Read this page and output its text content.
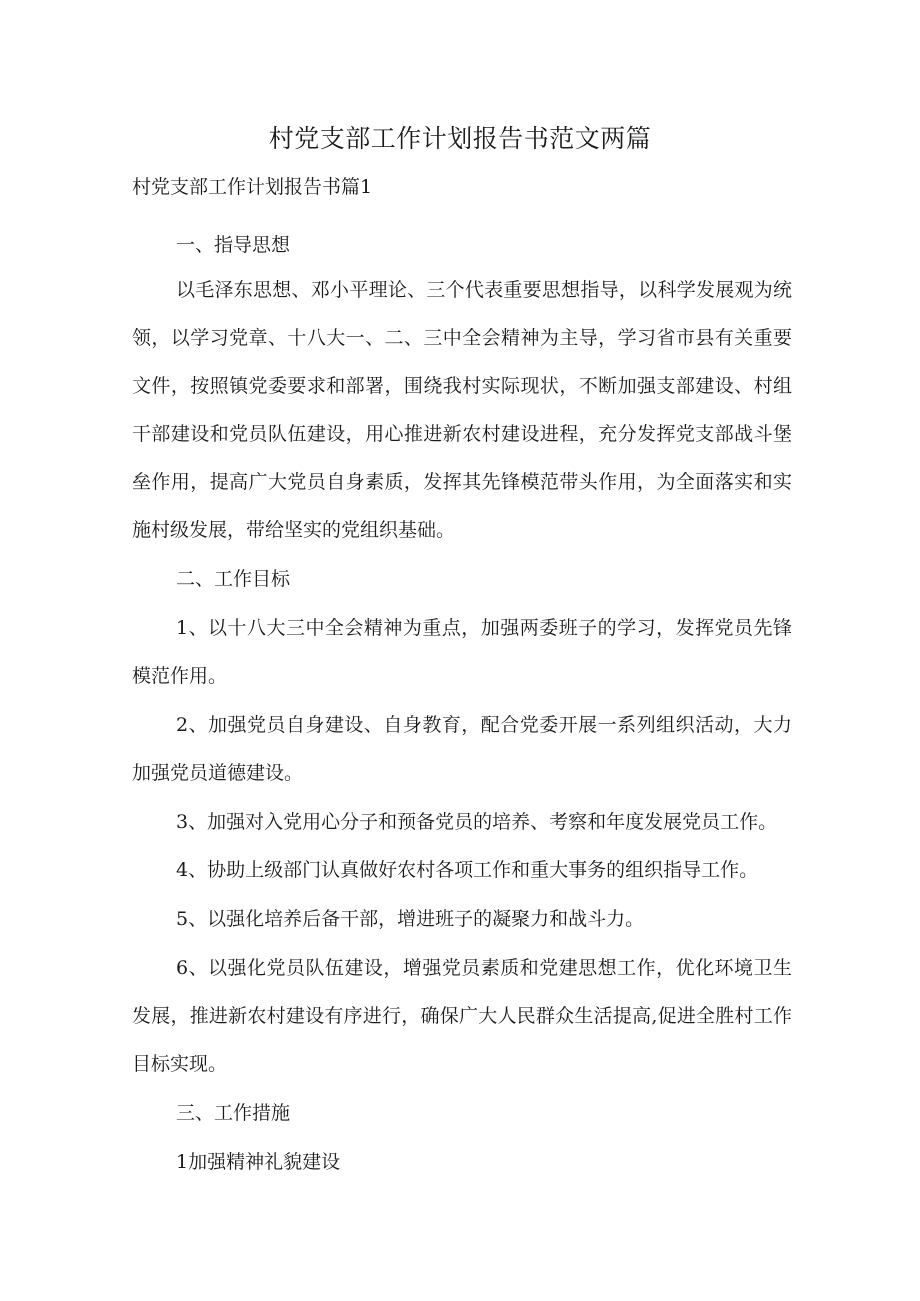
村党支部工作计划报告书范文两篇
村党支部工作计划报告书篇1

一、指导思想

以毛泽东思想、邓小平理论、三个代表重要思想指导，以科学发展观为统领，以学习党章、十八大一、二、三中全会精神为主导，学习省市县有关重要文件，按照镇党委要求和部署，围绕我村实际现状，不断加强支部建设、村组干部建设和党员队伍建设，用心推进新农村建设进程，充分发挥党支部战斗堡垒作用，提高广大党员自身素质，发挥其先锋模范带头作用，为全面落实和实施村级发展，带给坚实的党组织基础。

二、工作目标

1、以十八大三中全会精神为重点，加强两委班子的学习，发挥党员先锋模范作用。

2、加强党员自身建设、自身教育，配合党委开展一系列组织活动，大力加强党员道德建设。

3、加强对入党用心分子和预备党员的培养、考察和年度发展党员工作。

4、协助上级部门认真做好农村各项工作和重大事务的组织指导工作。

5、以强化培养后备干部，增进班子的凝聚力和战斗力。

6、以强化党员队伍建设，增强党员素质和党建思想工作，优化环境卫生发展，推进新农村建设有序进行，确保广大人民群众生活提高,促进全胜村工作目标实现。

三、工作措施

1加强精神礼貌建设
